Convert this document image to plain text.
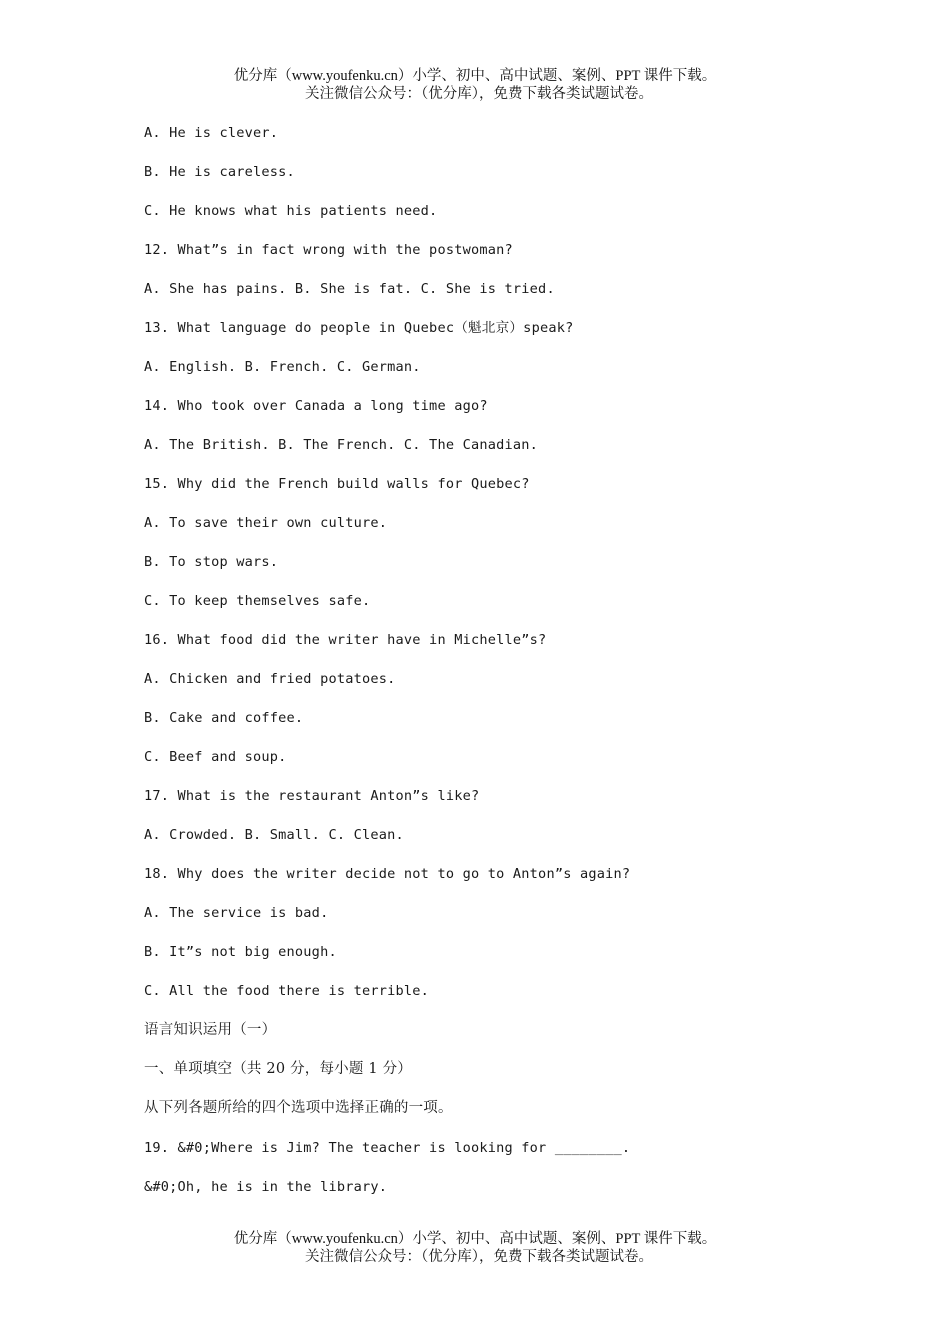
优分库（www.youfenku.cn）小学、初中、高中试题、案例、PPT 课件下载。
关注微信公众号：（优分库），免费下载各类试题试卷。
A. He is clever.
B. He is careless.
C. He knows what his patients need.
12. What”s in fact wrong with the postwoman?
A. She has pains. B. She is fat. C. She is tried.
13. What language do people in Quebec（魁北京）speak?
A. English. B. French. C. German.
14. Who took over Canada a long time ago?
A. The British. B. The French. C. The Canadian.
15. Why did the French build walls for Quebec?
A. To save their own culture.
B. To stop wars.
C. To keep themselves safe.
16. What food did the writer have in Michelle”s?
A. Chicken and fried potatoes.
B. Cake and coffee.
C. Beef and soup.
17. What is the restaurant Anton”s like?
A. Crowded. B. Small. C. Clean.
18. Why does the writer decide not to go to Anton”s again?
A. The service is bad.
B. It”s not big enough.
C. All the food there is terrible.
语言知识运用（一）
一、单项填空（共 20 分，每小题 1 分）
从下列各题所给的四个选项中选择正确的一项。
19. &#0;Where is Jim? The teacher is looking for ________.
&#0;Oh, he is in the library.
优分库（www.youfenku.cn）小学、初中、高中试题、案例、PPT 课件下载。
关注微信公众号：（优分库），免费下载各类试题试卷。
